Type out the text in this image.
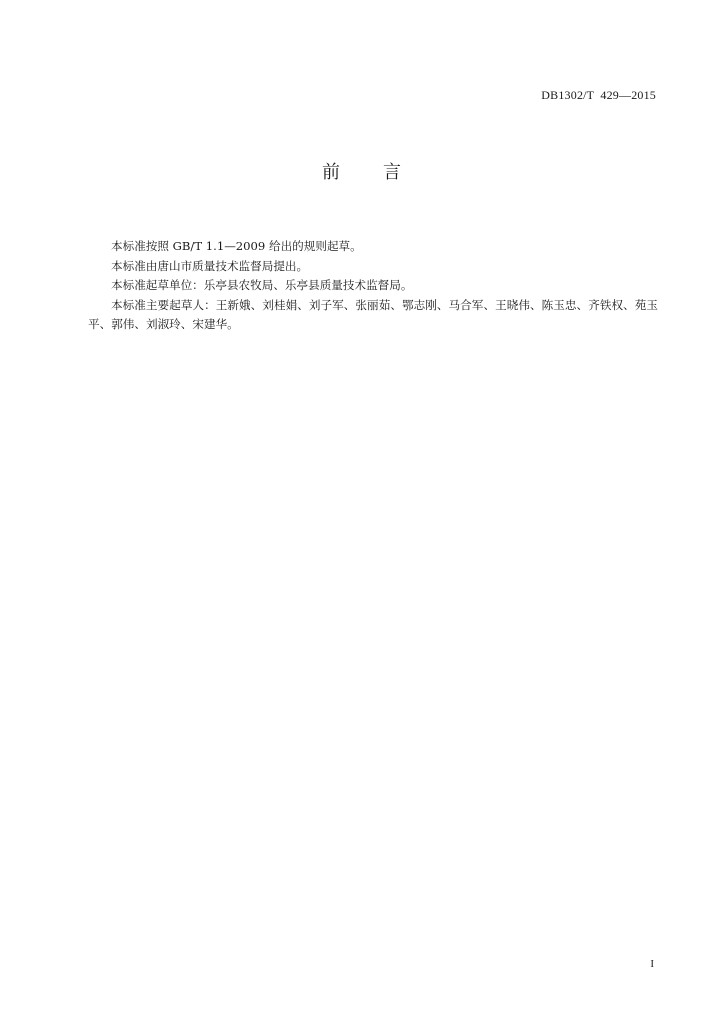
DB1302/T  429—2015
前 言

本标准按照 GB/T 1.1—2009 给出的规则起草。

本标准由唐山市质量技术监督局提出。

本标准起草单位：乐亭县农牧局、乐亭县质量技术监督局。

本标准主要起草人：王新娥、刘桂娟、刘子军、张丽茹、鄂志刚、马合军、王晓伟、陈玉忠、齐铁权、苑玉平、郭伟、刘淑玲、宋建华。

I
